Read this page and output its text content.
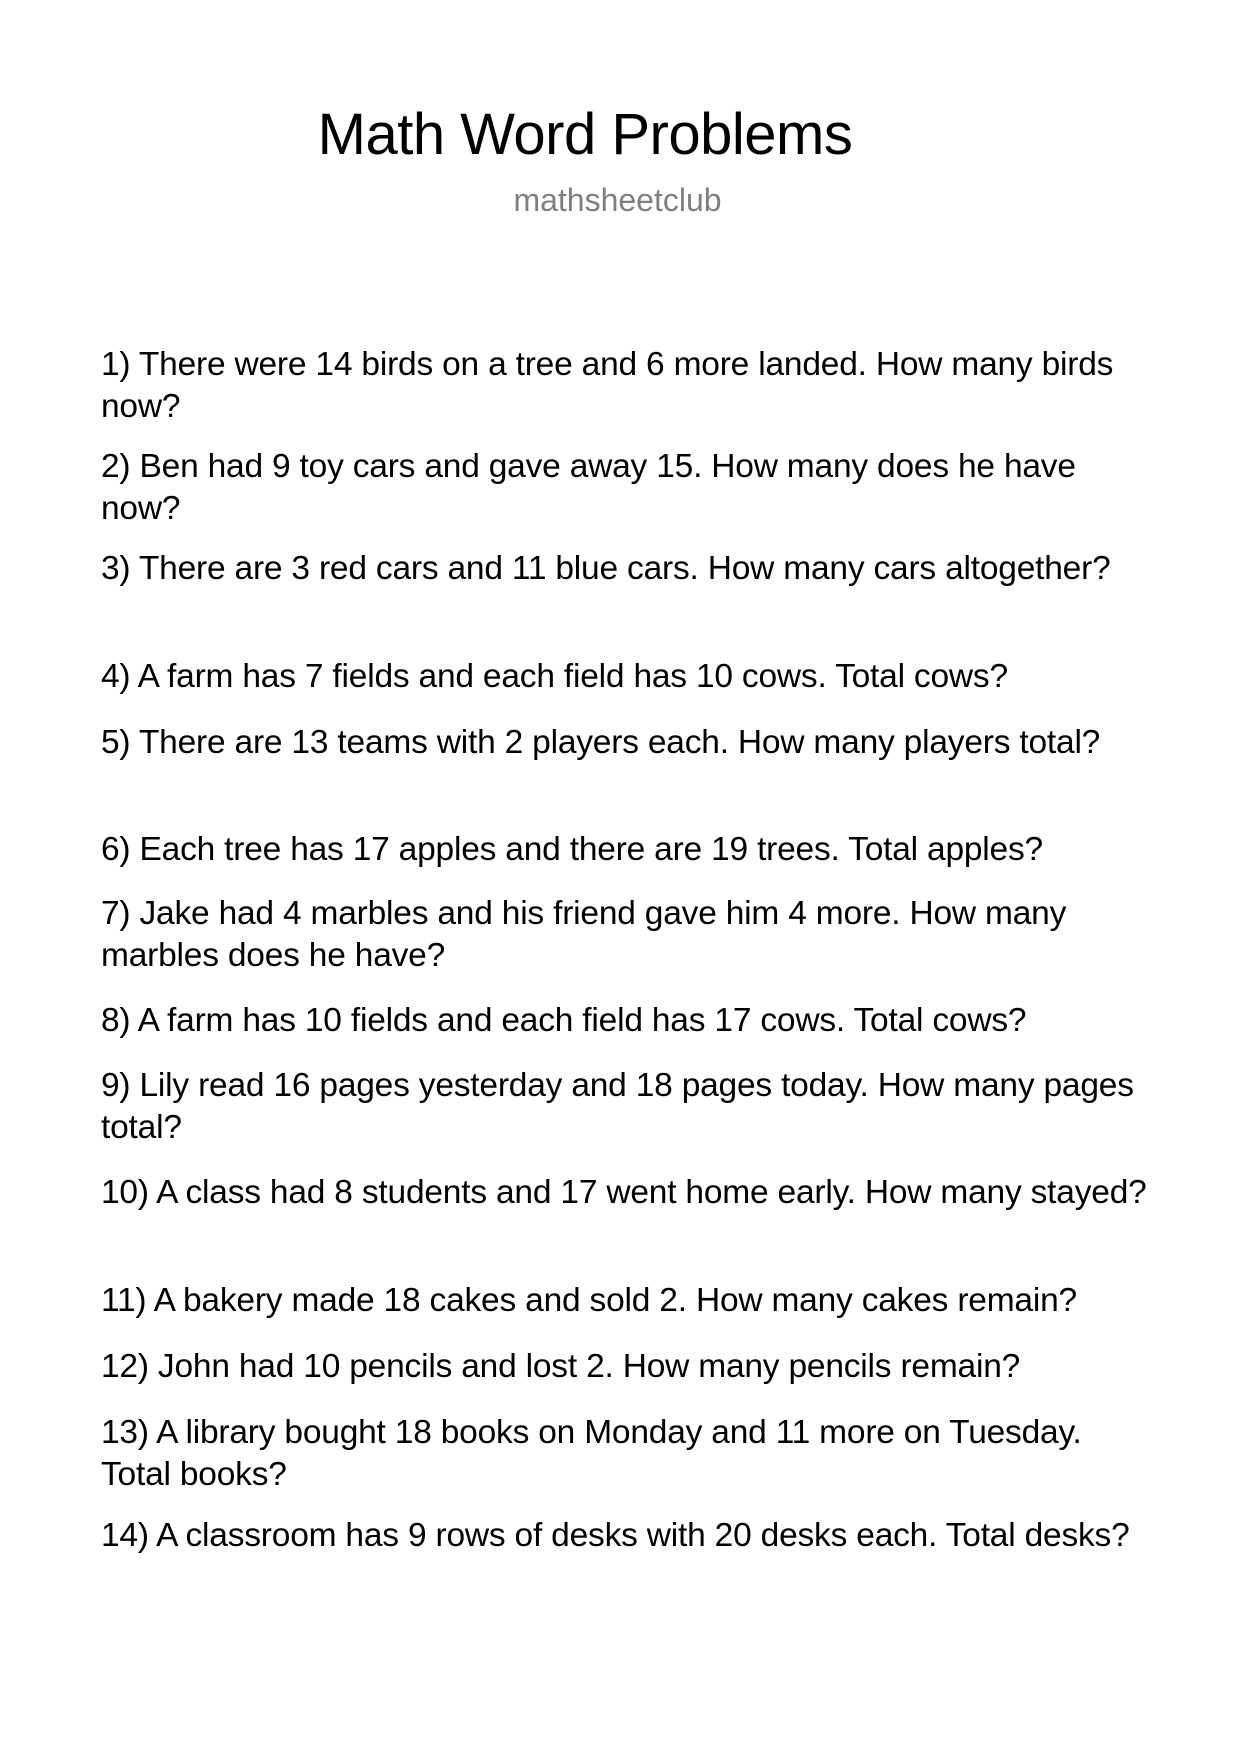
Math Word Problems
mathsheetclub
1) There were 14 birds on a tree and 6 more landed. How many birds now?
2) Ben had 9 toy cars and gave away 15. How many does he have now?
3) There are 3 red cars and 11 blue cars. How many cars altogether?
4) A farm has 7 fields and each field has 10 cows. Total cows?
5) There are 13 teams with 2 players each. How many players total?
6) Each tree has 17 apples and there are 19 trees. Total apples?
7) Jake had 4 marbles and his friend gave him 4 more. How many marbles does he have?
8) A farm has 10 fields and each field has 17 cows. Total cows?
9) Lily read 16 pages yesterday and 18 pages today. How many pages total?
10) A class had 8 students and 17 went home early. How many stayed?
11) A bakery made 18 cakes and sold 2. How many cakes remain?
12) John had 10 pencils and lost 2. How many pencils remain?
13) A library bought 18 books on Monday and 11 more on Tuesday. Total books?
14) A classroom has 9 rows of desks with 20 desks each. Total desks?
